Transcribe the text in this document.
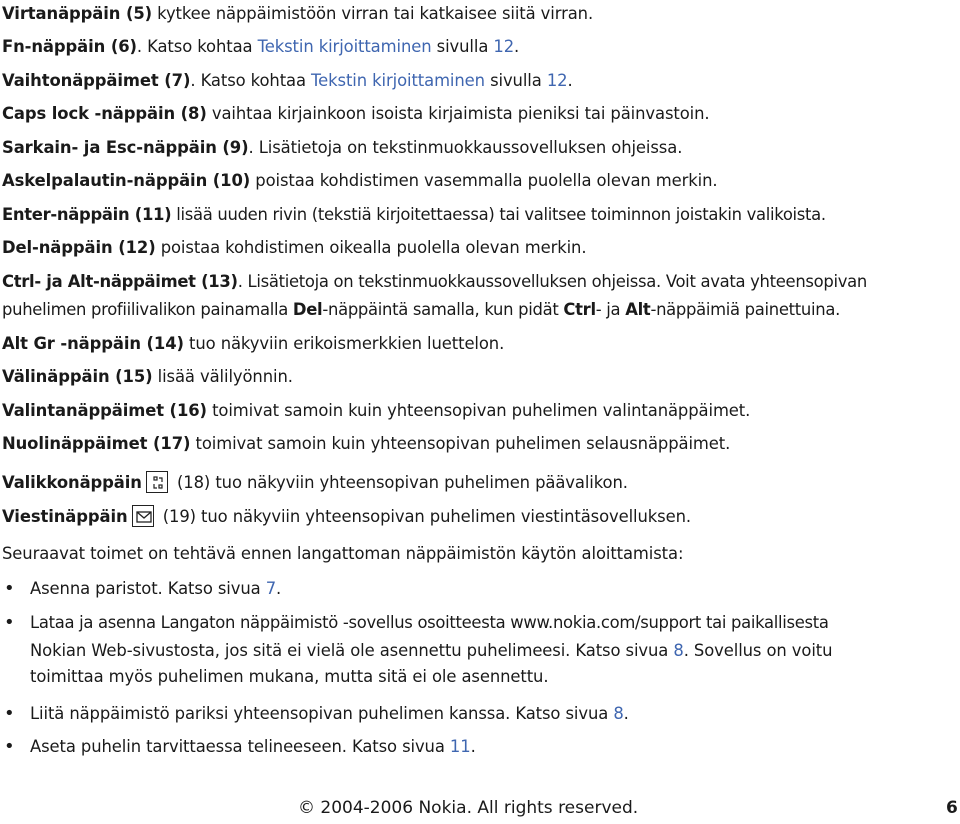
Virtanäppäin (5) kytkee näppäimistöön virran tai katkaisee siitä virran.
Fn-näppäin (6). Katso kohtaa Tekstin kirjoittaminen sivulla 12.
Vaihtonäppäimet (7). Katso kohtaa Tekstin kirjoittaminen sivulla 12.
Caps lock -näppäin (8) vaihtaa kirjainkoon isoista kirjaimista pieniksi tai päinvastoin.
Sarkain- ja Esc-näppäin (9). Lisätietoja on tekstinmuokkaussovelluksen ohjeissa.
Askelpalautin-näppäin (10) poistaa kohdistimen vasemmalla puolella olevan merkin.
Enter-näppäin (11) lisää uuden rivin (tekstiä kirjoitettaessa) tai valitsee toiminnon joistakin valikoista.
Del-näppäin (12) poistaa kohdistimen oikealla puolella olevan merkin.
Ctrl- ja Alt-näppäimet (13). Lisätietoja on tekstinmuokkaussovelluksen ohjeissa. Voit avata yhteensopivan
puhelimen profiilivalikon painamalla Del-näppäintä samalla, kun pidät Ctrl- ja Alt-näppäimiä painettuina.
Alt Gr -näppäin (14) tuo näkyviin erikoismerkkien luettelon.
Välinäppäin (15) lisää välilyönnin.
Valintanäppäimet (16) toimivat samoin kuin yhteensopivan puhelimen valintanäppäimet.
Nuolinäppäimet (17) toimivat samoin kuin yhteensopivan puhelimen selausnäppäimet.
Valikkonäppäin
(18) tuo näkyviin yhteensopivan puhelimen päävalikon.
Viestinäppäin
(19) tuo näkyviin yhteensopivan puhelimen viestintäsovelluksen.
Seuraavat toimet on tehtävä ennen langattoman näppäimistön käytön aloittamista:
• Asenna paristot. Katso sivua 7.
• Lataa ja asenna Langaton näppäimistö -sovellus osoitteesta www.nokia.com/support tai paikallisesta
Nokian Web-sivustosta, jos sitä ei vielä ole asennettu puhelimeesi. Katso sivua 8. Sovellus on voitu
toimittaa myös puhelimen mukana, mutta sitä ei ole asennettu.
• Liitä näppäimistö pariksi yhteensopivan puhelimen kanssa. Katso sivua 8.
• Aseta puhelin tarvittaessa telineeseen. Katso sivua 11.
© 2004-2006 Nokia. All rights reserved.	6
